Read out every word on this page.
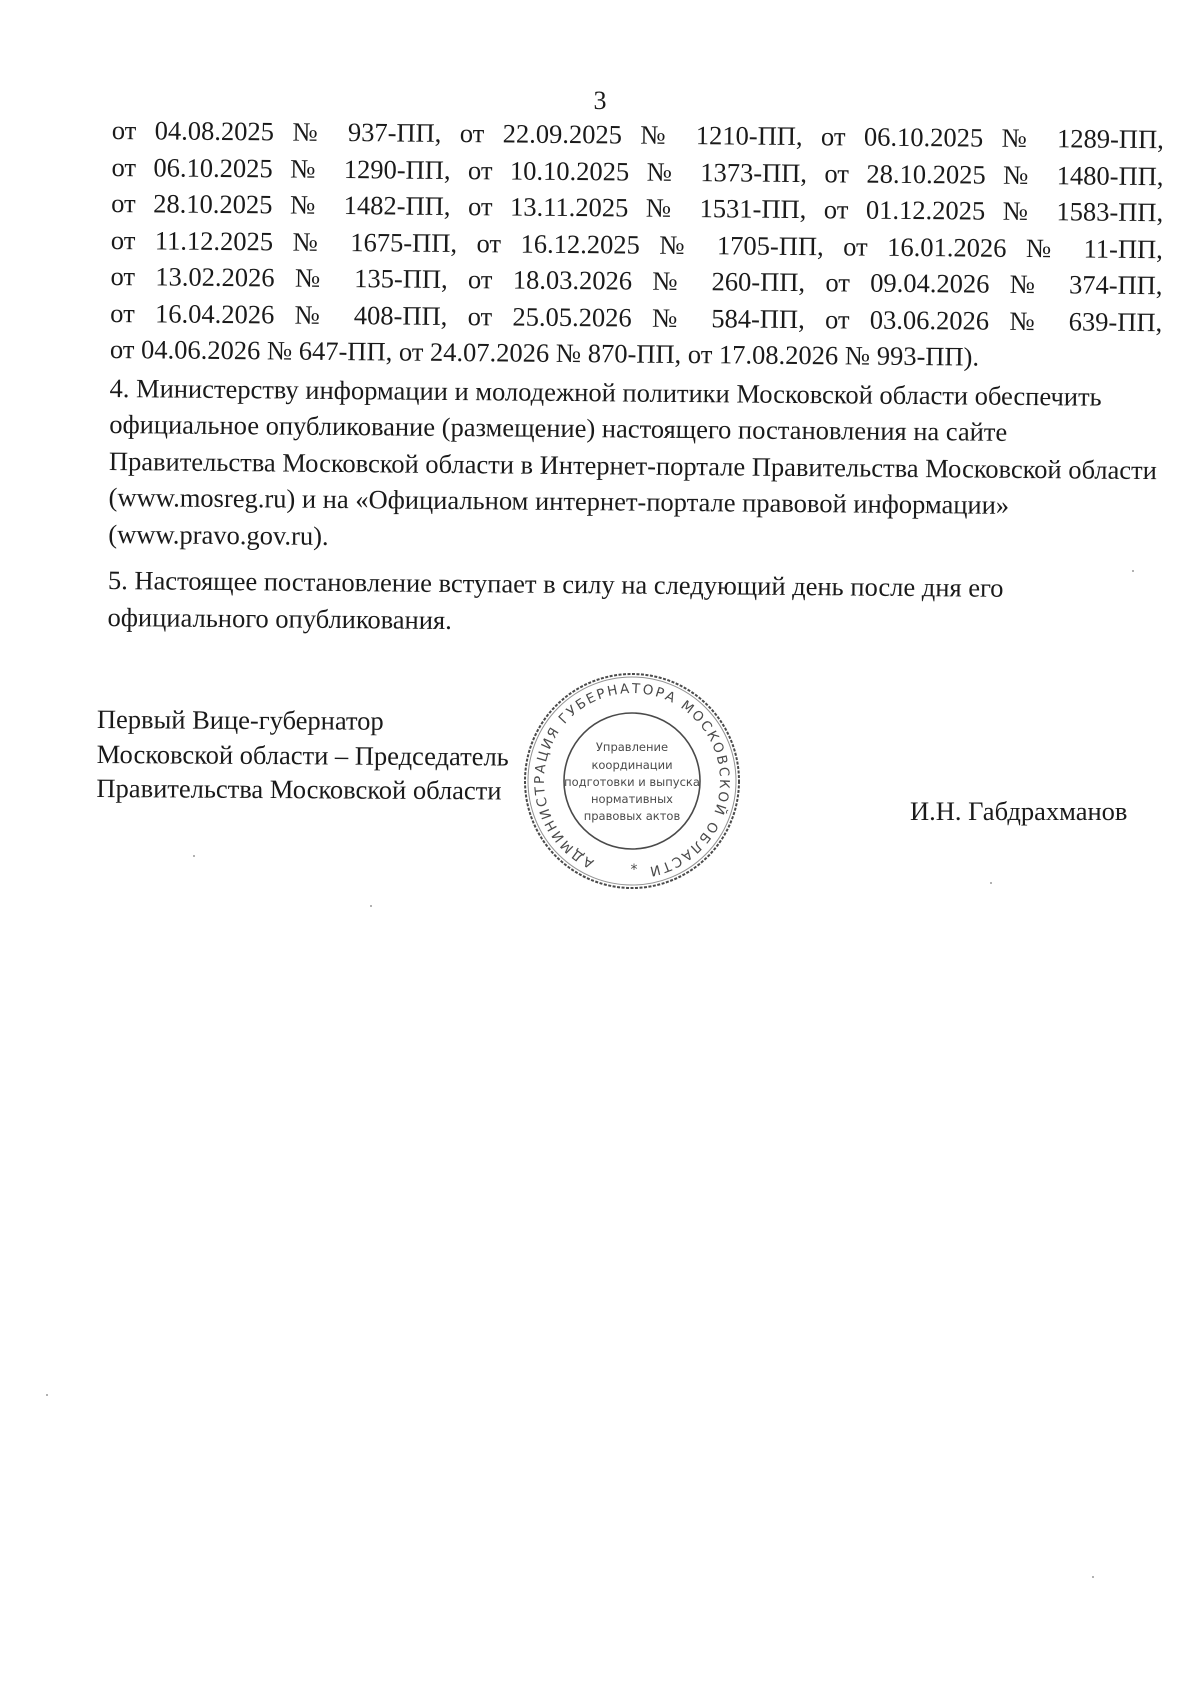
3

от 04.08.2025 № 937-ПП, от 22.09.2025 № 1210-ПП, от 06.10.2025 № 1289-ПП,

от 06.10.2025 № 1290-ПП, от 10.10.2025 № 1373-ПП, от 28.10.2025 № 1480-ПП,

от 28.10.2025 № 1482-ПП, от 13.11.2025 № 1531-ПП, от 01.12.2025 № 1583-ПП,

от 11.12.2025 № 1675-ПП, от 16.12.2025 № 1705-ПП, от 16.01.2026 № 11-ПП,

от 13.02.2026 № 135-ПП, от 18.03.2026 № 260-ПП, от 09.04.2026 № 374-ПП,

от 16.04.2026 № 408-ПП, от 25.05.2026 № 584-ПП, от 03.06.2026 № 639-ПП,

от 04.06.2026 № 647-ПП, от 24.07.2026 № 870-ПП, от 17.08.2026 № 993-ПП).

4. Министерству информации и молодежной политики Московской области обеспечить официальное опубликование (размещение) настоящего постановления на сайте Правительства Московской области в Интернет-портале Правительства Московской области (www.mosreg.ru) и на «Официальном интернет-портале правовой информации» (www.pravo.gov.ru).
5. Настоящее постановление вступает в силу на следующий день после дня его официального опубликования.
Первый Вице-губернатор
Московской области – Председатель
Правительства Московской области
И.Н. Габдрахманов
АДМИНИСТРАЦИЯ ГУБЕРНАТОРА МОСКОВСКОЙ ОБЛАСТИ
Управление
координации
подготовки и выпуска
нормативных
правовых актов
*
